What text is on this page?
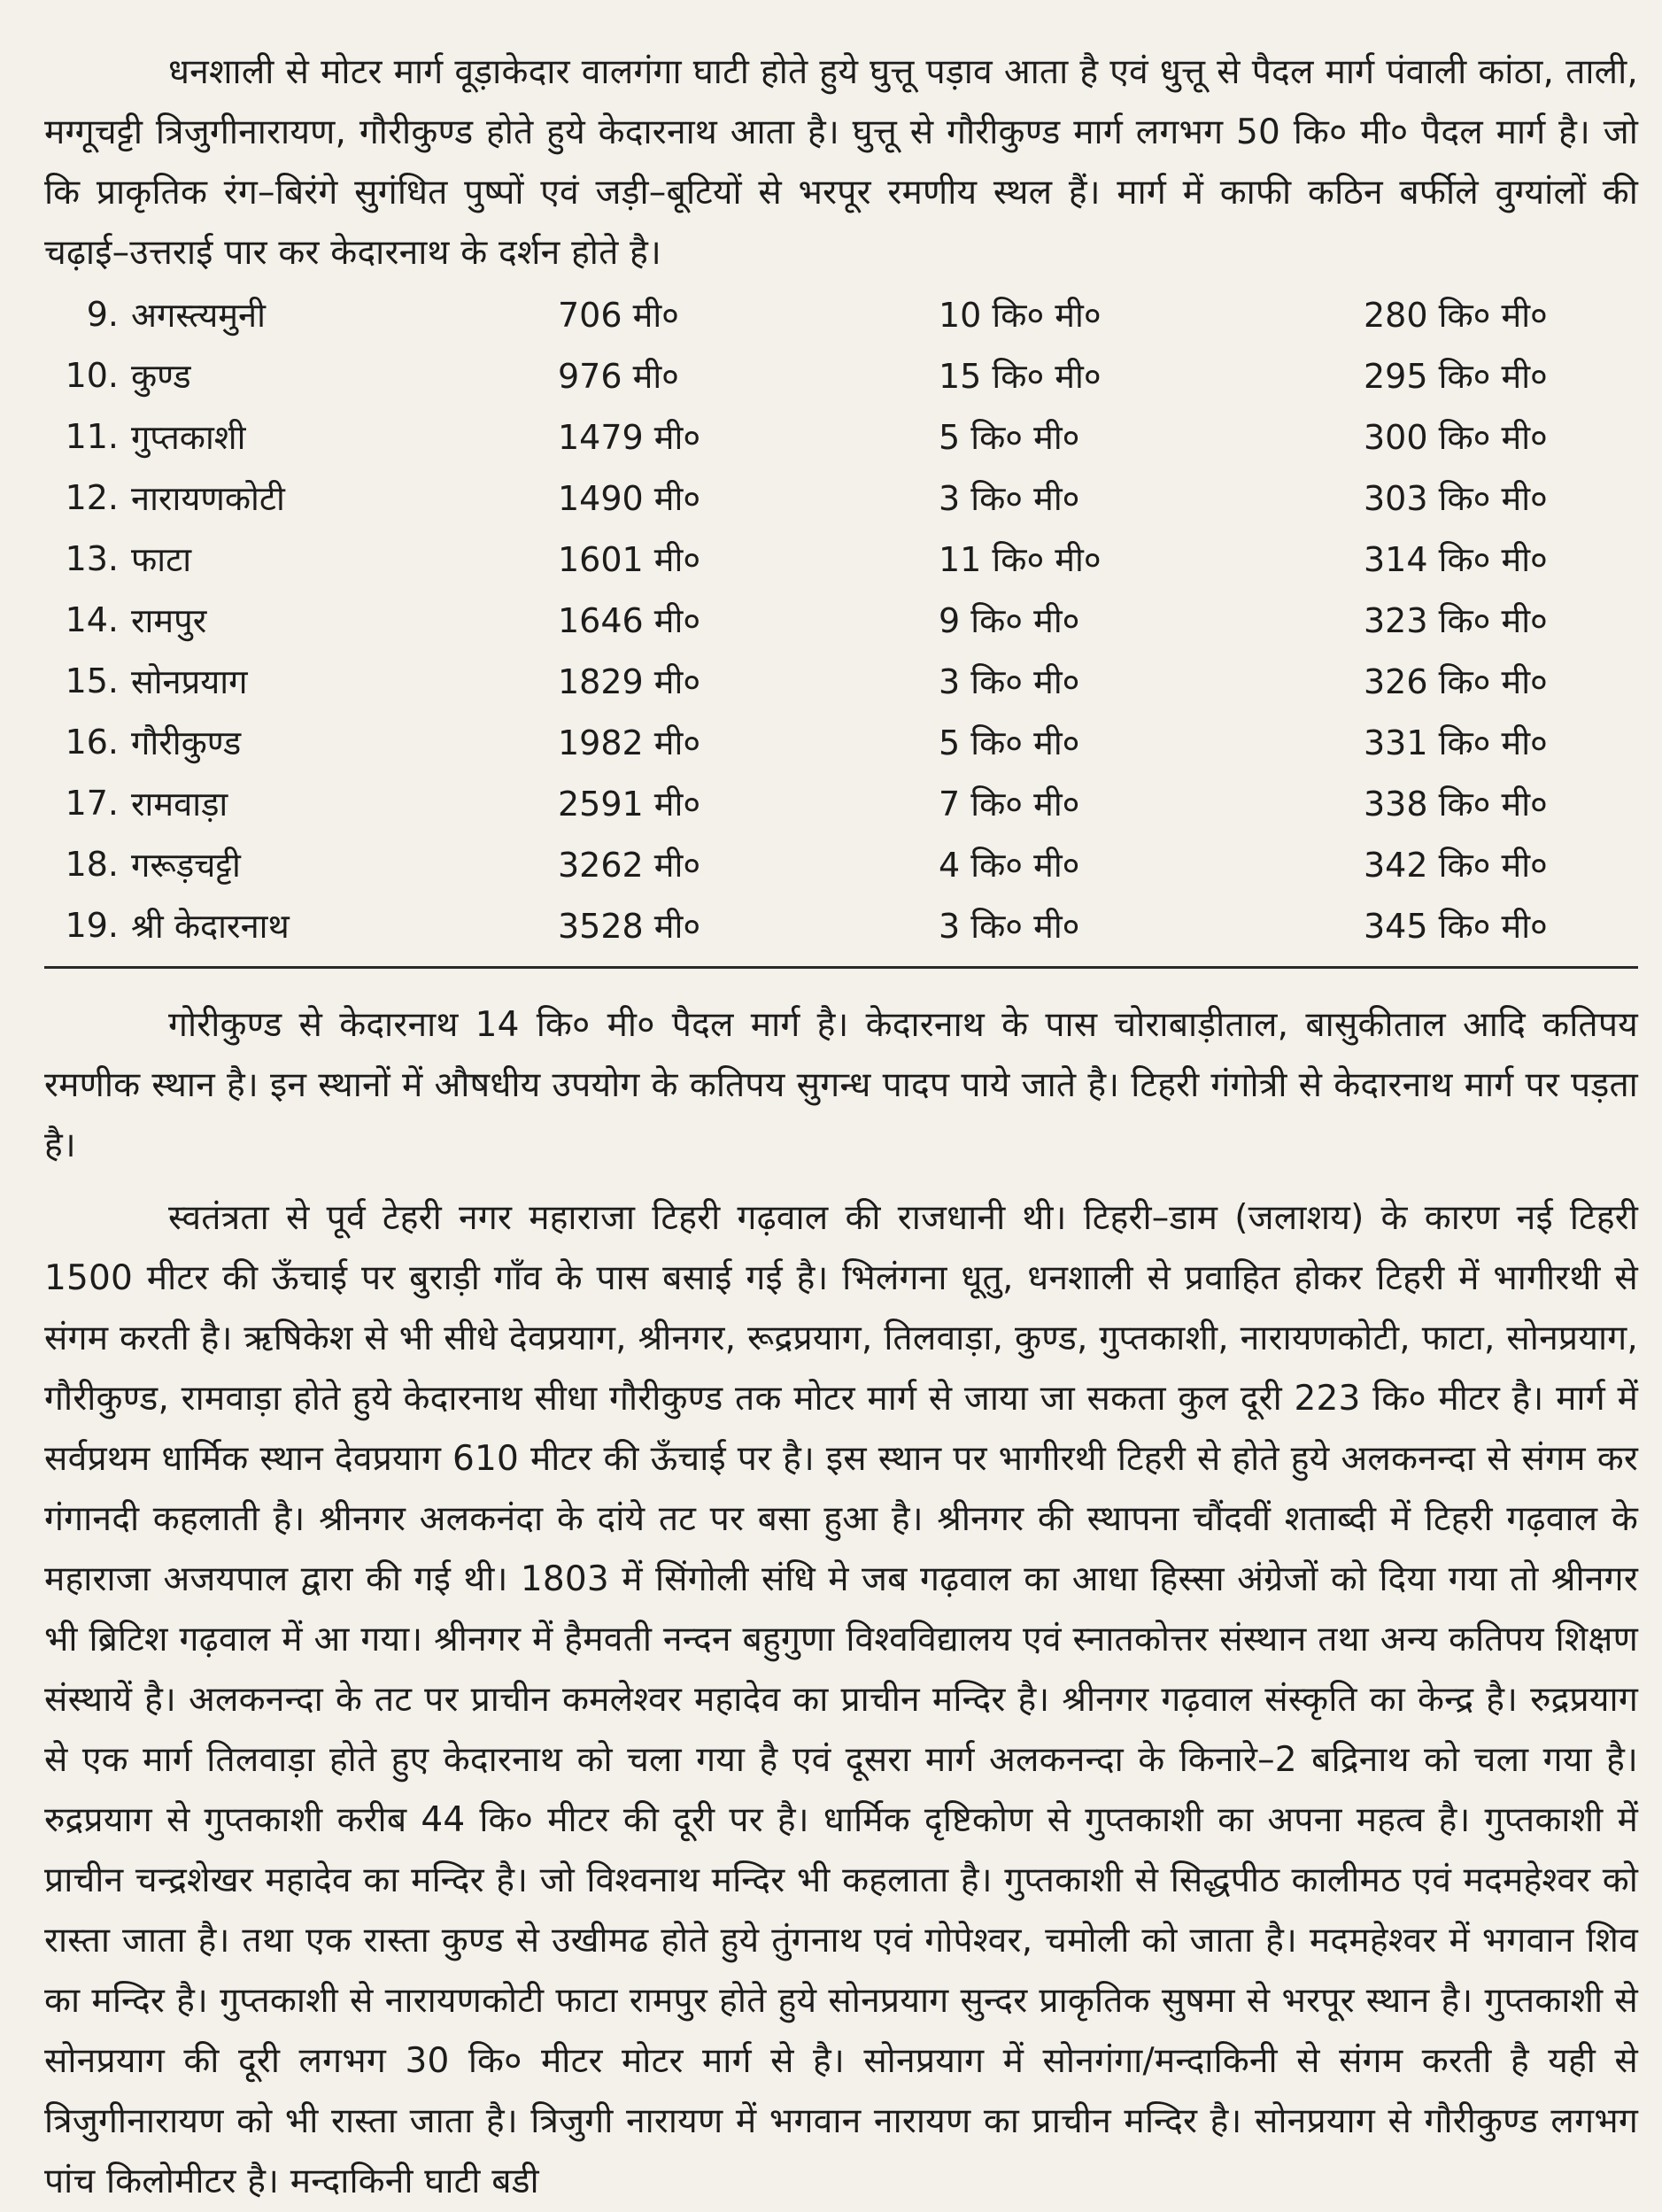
धनशाली से मोटर मार्ग वूड़ाकेदार वालगंगा घाटी होते हुये घुत्तू पड़ाव आता है एवं धुत्तू से पैदल मार्ग पंवाली कांठा, ताली, मग्गूचट्टी त्रिजुगीनारायण, गौरीकुण्ड होते हुये केदारनाथ आता है। घुत्तू से गौरीकुण्ड मार्ग लगभग 50 कि० मी० पैदल मार्ग है। जो कि प्राकृतिक रंग–बिरंगे सुगंधित पुष्पों एवं जड़ी–बूटियों से भरपूर रमणीय स्थल हैं। मार्ग में काफी कठिन बर्फीले वुग्यांलों की चढ़ाई–उत्तराई पार कर केदारनाथ के दर्शन होते है।

9.	अगस्त्यमुनी	706 मी०	10 कि० मी०	280 कि० मी०
10.	कुण्ड	976 मी०	15 कि० मी०	295 कि० मी०
11.	गुप्तकाशी	1479 मी०	5 कि० मी०	300 कि० मी०
12.	नारायणकोटी	1490 मी०	3 कि० मी०	303 कि० मी०
13.	फाटा	1601 मी०	11 कि० मी०	314 कि० मी०
14.	रामपुर	1646 मी०	9 कि० मी०	323 कि० मी०
15.	सोनप्रयाग	1829 मी०	3 कि० मी०	326 कि० मी०
16.	गौरीकुण्ड	1982 मी०	5 कि० मी०	331 कि० मी०
17.	रामवाड़ा	2591 मी०	7 कि० मी०	338 कि० मी०
18.	गरूड़चट्टी	3262 मी०	4 कि० मी०	342 कि० मी०
19.	श्री केदारनाथ	3528 मी०	3 कि० मी०	345 कि० मी०

गोरीकुण्ड से केदारनाथ 14 कि० मी० पैदल मार्ग है। केदारनाथ के पास चोराबाड़ीताल, बासुकीताल आदि कतिपय रमणीक स्थान है। इन स्थानों में औषधीय उपयोग के कतिपय सुगन्ध पादप पाये जाते है। टिहरी गंगोत्री से केदारनाथ मार्ग पर पड़ता है।

स्वतंत्रता से पूर्व टेहरी नगर महाराजा टिहरी गढ़वाल की राजधानी थी। टिहरी–डाम (जलाशय) के कारण नई टिहरी 1500 मीटर की ऊँचाई पर बुराड़ी गाँव के पास बसाई गई है। भिलंगना धूतु, धनशाली से प्रवाहित होकर टिहरी में भागीरथी से संगम करती है। ऋषिकेश से भी सीधे देवप्रयाग, श्रीनगर, रूद्रप्रयाग, तिलवाड़ा, कुण्ड, गुप्तकाशी, नारायणकोटी, फाटा, सोनप्रयाग, गौरीकुण्ड, रामवाड़ा होते हुये केदारनाथ सीधा गौरीकुण्ड तक मोटर मार्ग से जाया जा सकता कुल दूरी 223 कि० मीटर है। मार्ग में सर्वप्रथम धार्मिक स्थान देवप्रयाग 610 मीटर की ऊँचाई पर है। इस स्थान पर भागीरथी टिहरी से होते हुये अलकनन्दा से संगम कर गंगानदी कहलाती है। श्रीनगर अलकनंदा के दांये तट पर बसा हुआ है। श्रीनगर की स्थापना चौंदवीं शताब्दी में टिहरी गढ़वाल के महाराजा अजयपाल द्वारा की गई थी। 1803 में सिंगोली संधि मे जब गढ़वाल का आधा हिस्सा अंग्रेजों को दिया गया तो श्रीनगर भी ब्रिटिश गढ़वाल में आ गया। श्रीनगर में हैमवती नन्दन बहुगुणा विश्वविद्यालय एवं स्नातकोत्तर संस्थान तथा अन्य कतिपय शिक्षण संस्थायें है। अलकनन्दा के तट पर प्राचीन कमलेश्वर महादेव का प्राचीन मन्दिर है। श्रीनगर गढ़वाल संस्कृति का केन्द्र है। रुद्रप्रयाग से एक मार्ग तिलवाड़ा होते हुए केदारनाथ को चला गया है एवं दूसरा मार्ग अलकनन्दा के किनारे–2 बद्रिनाथ को चला गया है। रुद्रप्रयाग से गुप्तकाशी करीब 44 कि० मीटर की दूरी पर है। धार्मिक दृष्टिकोण से गुप्तकाशी का अपना महत्व है। गुप्तकाशी में प्राचीन चन्द्रशेखर महादेव का मन्दिर है। जो विश्वनाथ मन्दिर भी कहलाता है। गुप्तकाशी से सिद्धपीठ कालीमठ एवं मदमहेश्वर को रास्ता जाता है। तथा एक रास्ता कुण्ड से उखीमढ होते हुये तुंगनाथ एवं गोपेश्वर, चमोली को जाता है। मदमहेश्वर में भगवान शिव का मन्दिर है। गुप्तकाशी से नारायणकोटी फाटा रामपुर होते हुये सोनप्रयाग सुन्दर प्राकृतिक सुषमा से भरपूर स्थान है। गुप्तकाशी से सोनप्रयाग की दूरी लगभग 30 कि० मीटर मोटर मार्ग से है। सोनप्रयाग में सोनगंगा/मन्दाकिनी से संगम करती है यही से त्रिजुगीनारायण को भी रास्ता जाता है। त्रिजुगी नारायण में भगवान नारायण का प्राचीन मन्दिर है। सोनप्रयाग से गौरीकुण्ड लगभग पांच किलोमीटर है। मन्दाकिनी घाटी बडी
